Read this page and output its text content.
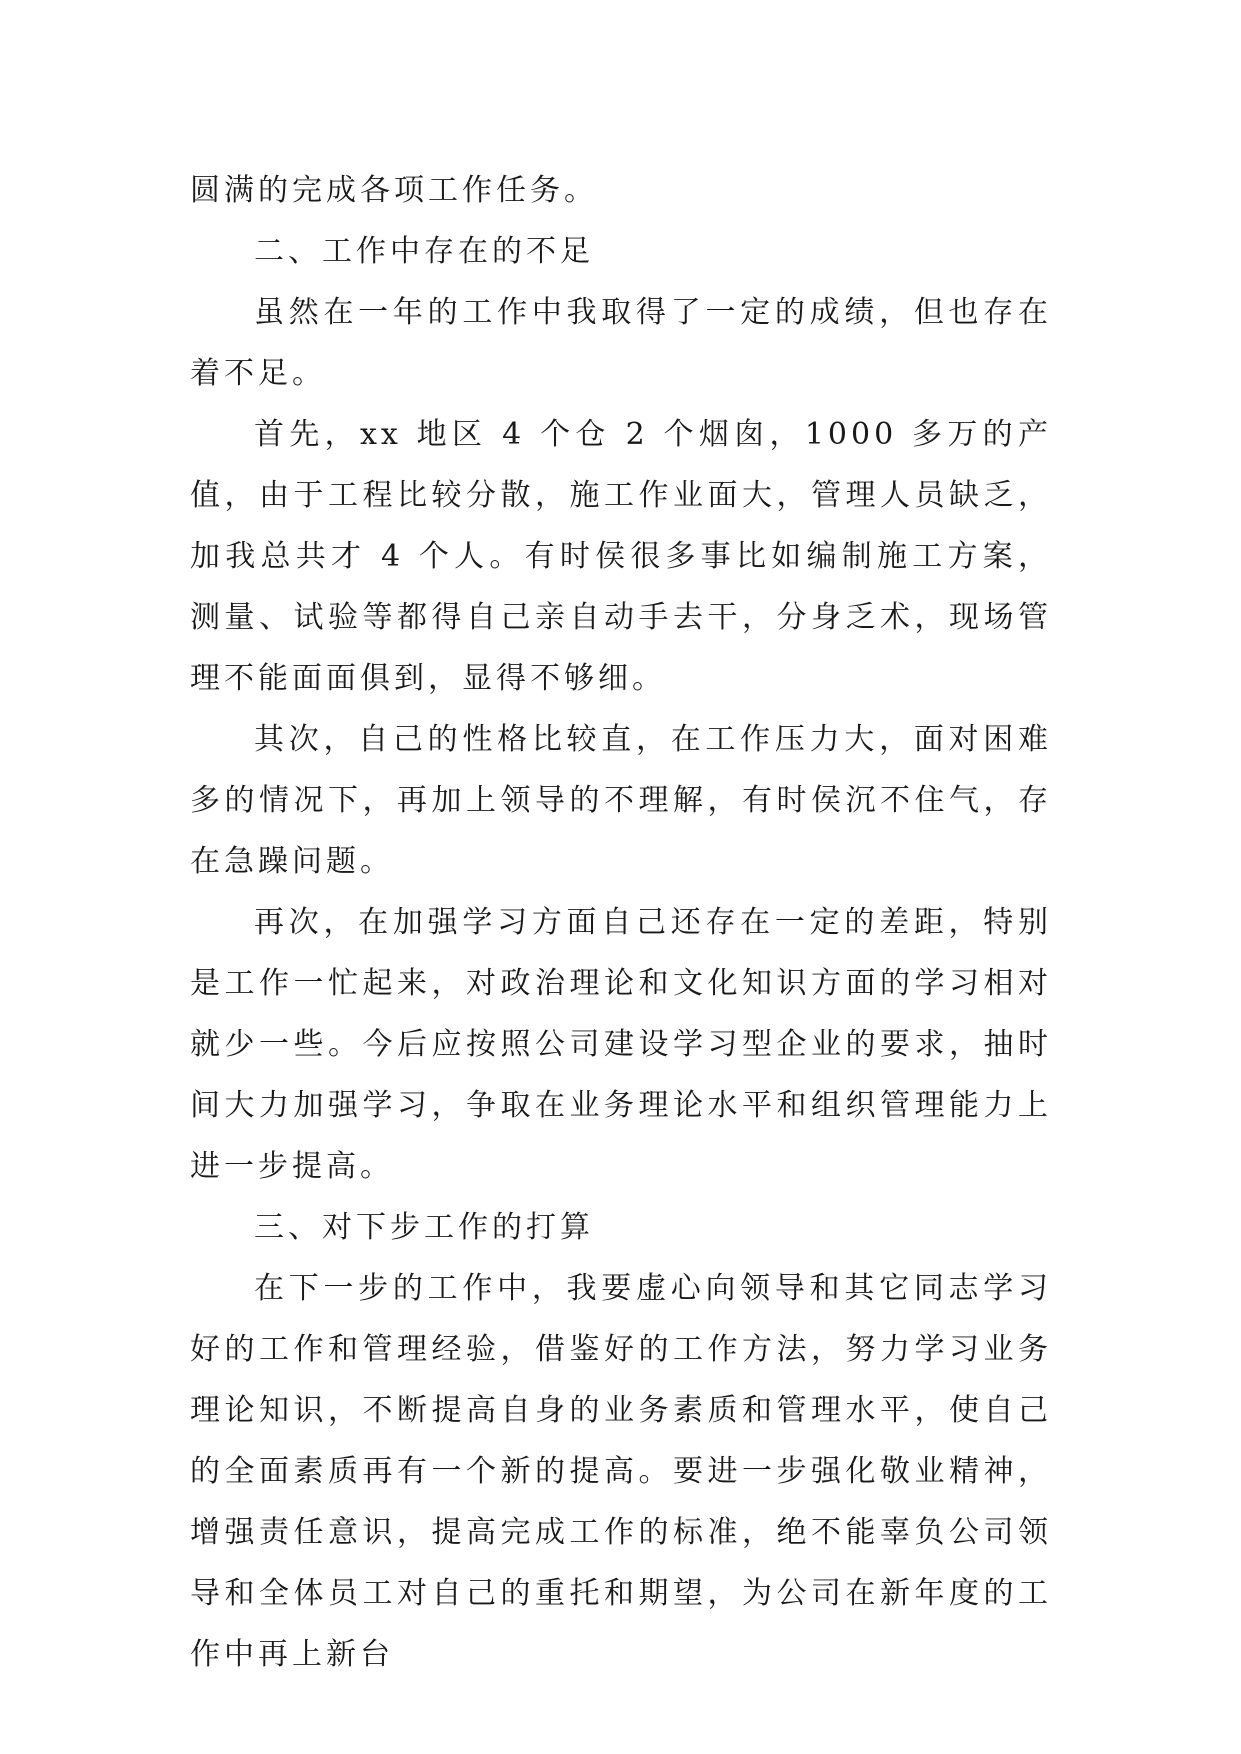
圆满的完成各项工作任务。

二、工作中存在的不足

虽然在一年的工作中我取得了一定的成绩，但也存在着不足。

首先，xx 地区 4 个仓 2 个烟囱，1000 多万的产值，由于工程比较分散，施工作业面大，管理人员缺乏，加我总共才 4 个人。有时侯很多事比如编制施工方案，测量、试验等都得自己亲自动手去干，分身乏术，现场管理不能面面俱到，显得不够细。

其次，自己的性格比较直，在工作压力大，面对困难多的情况下，再加上领导的不理解，有时侯沉不住气，存在急躁问题。

再次，在加强学习方面自己还存在一定的差距，特别是工作一忙起来，对政治理论和文化知识方面的学习相对就少一些。今后应按照公司建设学习型企业的要求，抽时间大力加强学习，争取在业务理论水平和组织管理能力上进一步提高。

三、对下步工作的打算

在下一步的工作中，我要虚心向领导和其它同志学习好的工作和管理经验，借鉴好的工作方法，努力学习业务理论知识，不断提高自身的业务素质和管理水平，使自己的全面素质再有一个新的提高。要进一步强化敬业精神，增强责任意识，提高完成工作的标准，绝不能辜负公司领导和全体员工对自己的重托和期望，为公司在新年度的工作中再上新台
